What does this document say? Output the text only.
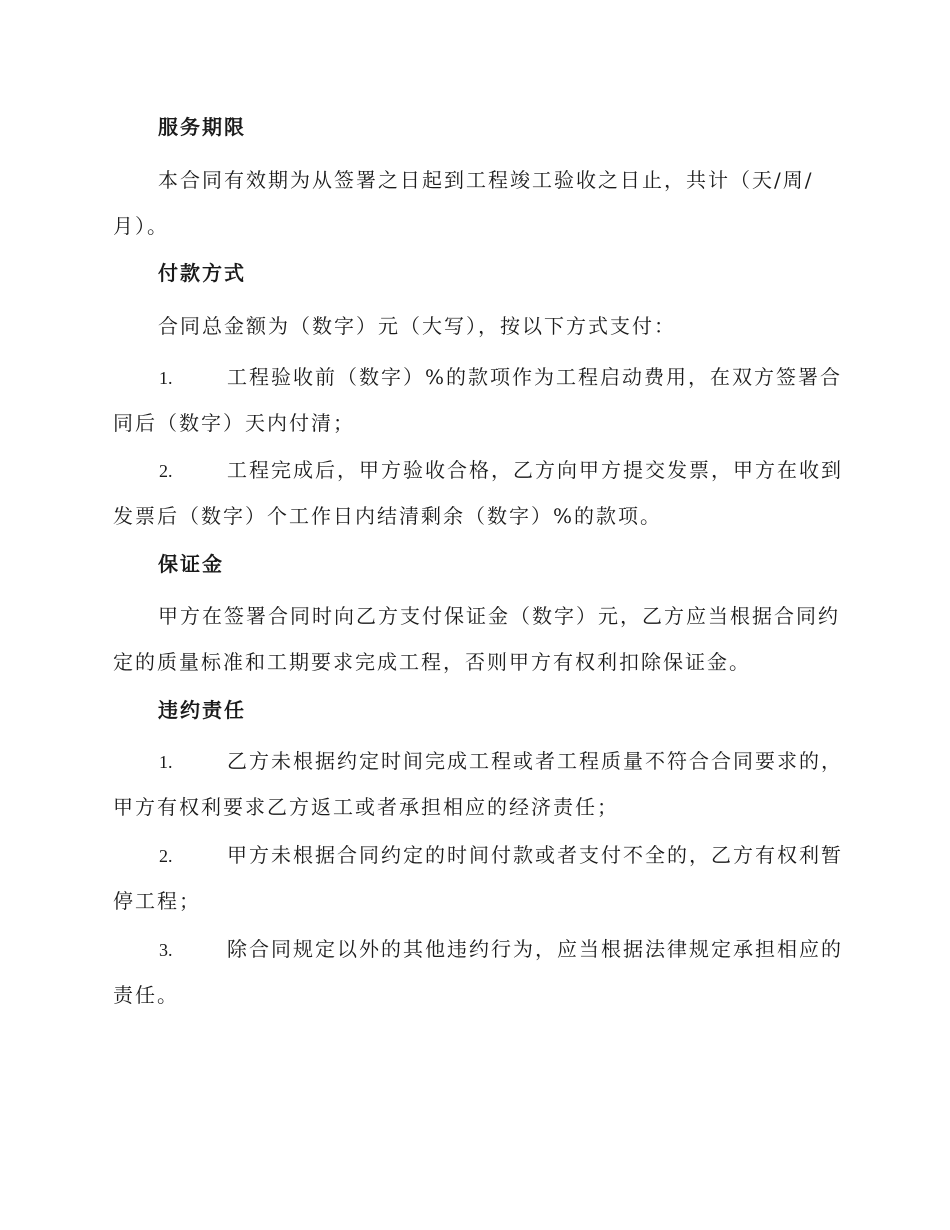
服务期限
本合同有效期为从签署之日起到工程竣工验收之日止，共计（天/周/
月）。
付款方式
合同总金额为（数字）元（大写），按以下方式支付：
1.	工程验收前（数字）%的款项作为工程启动费用，在双方签署合
同后（数字）天内付清；
2.	工程完成后，甲方验收合格，乙方向甲方提交发票，甲方在收到
发票后（数字）个工作日内结清剩余（数字）%的款项。
保证金
甲方在签署合同时向乙方支付保证金（数字）元，乙方应当根据合同约
定的质量标准和工期要求完成工程，否则甲方有权利扣除保证金。
违约责任
1.	乙方未根据约定时间完成工程或者工程质量不符合合同要求的，
甲方有权利要求乙方返工或者承担相应的经济责任；
2.	甲方未根据合同约定的时间付款或者支付不全的，乙方有权利暂
停工程；
3.	除合同规定以外的其他违约行为，应当根据法律规定承担相应的
责任。
